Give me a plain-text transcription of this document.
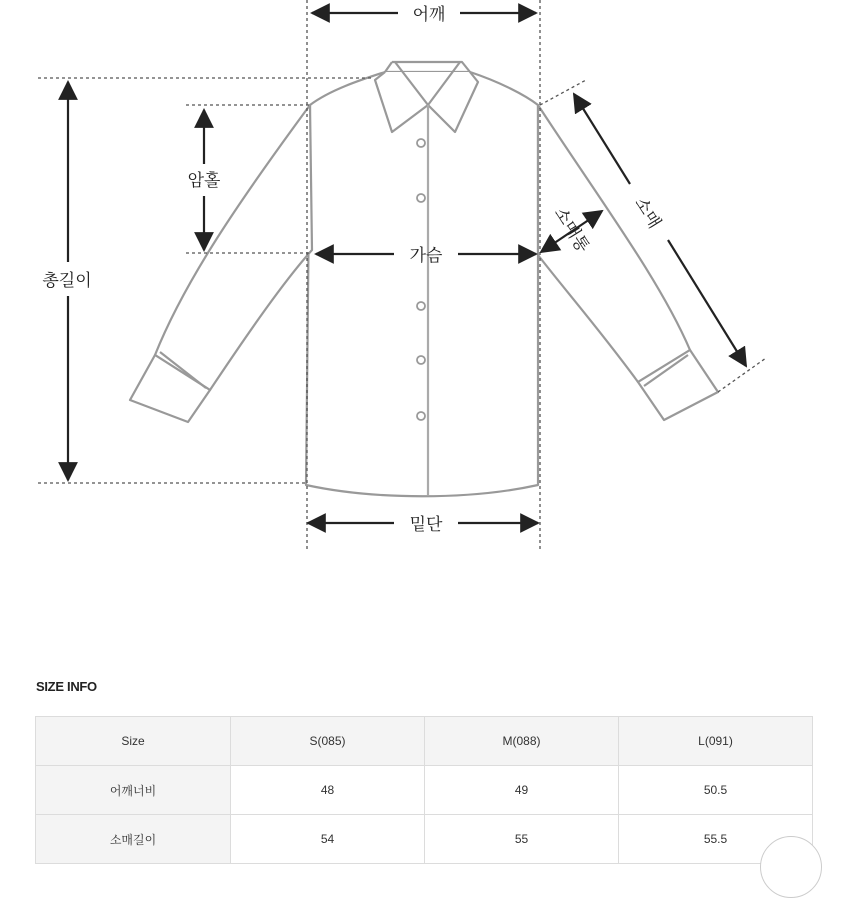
어깨
암홀
총길이
가슴
밑단
소매
소매통
SIZE INFO
Size	S(085)	M(088)	L(091)
어깨너비	48	49	50.5
소매길이	54	55	55.5
